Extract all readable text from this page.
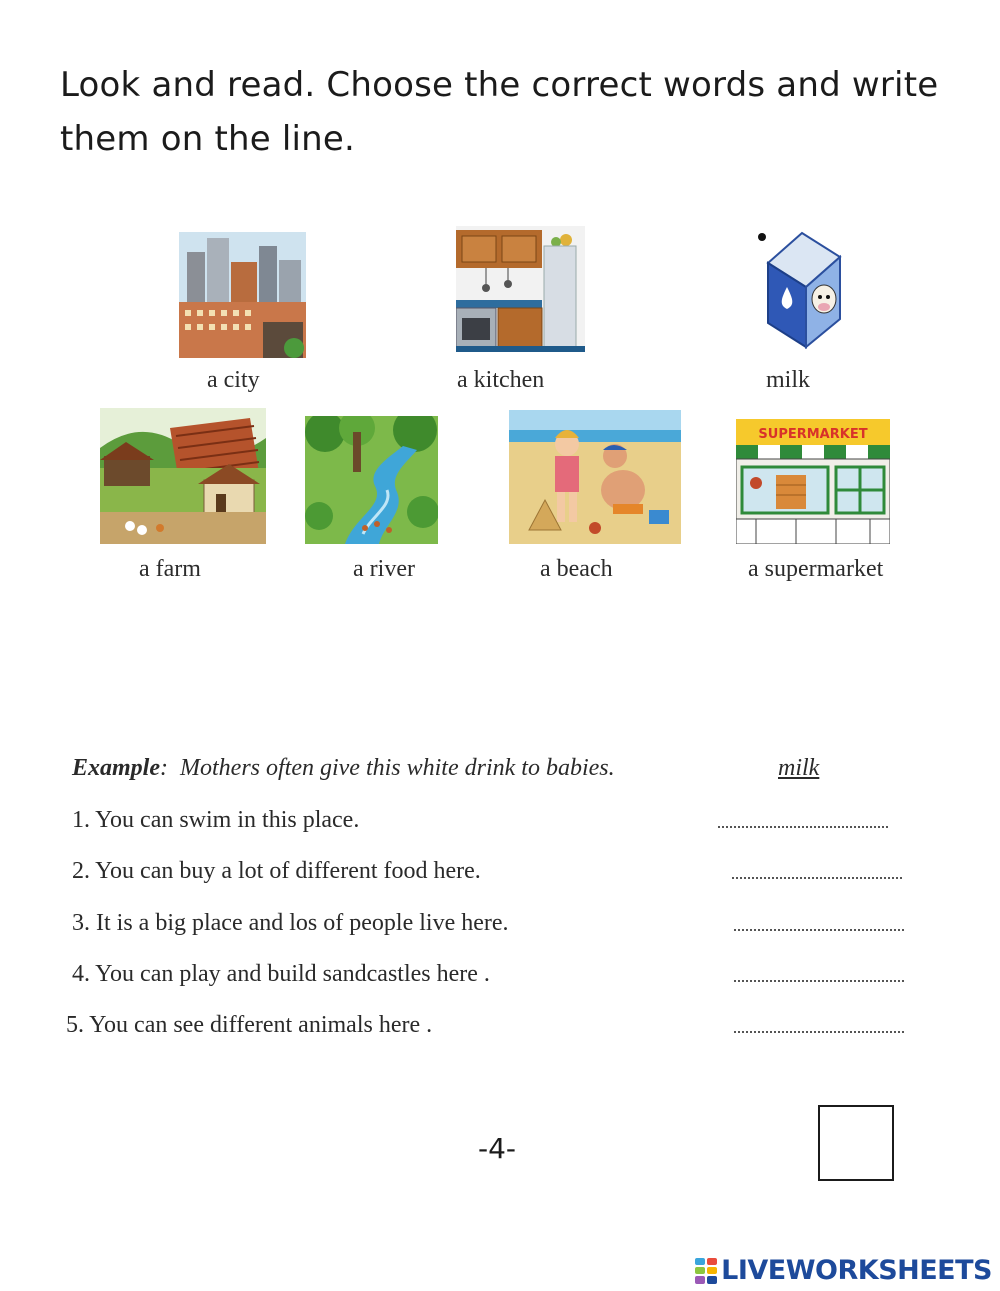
Look and read. Choose the correct words and write them on the line.
a city	a kitchen	milk
a farm	a river	a beach
SUPERMARKET
a supermarket
Example:  Mothers often give this white drink to babies.	milk
1. You can swim in this place.
2. You can buy a lot of different food here.
3. It is a big place and los of people live here.
4. You can play and build sandcastles here .
5. You can see different animals here .
-4-
LIVEWORKSHEETS
